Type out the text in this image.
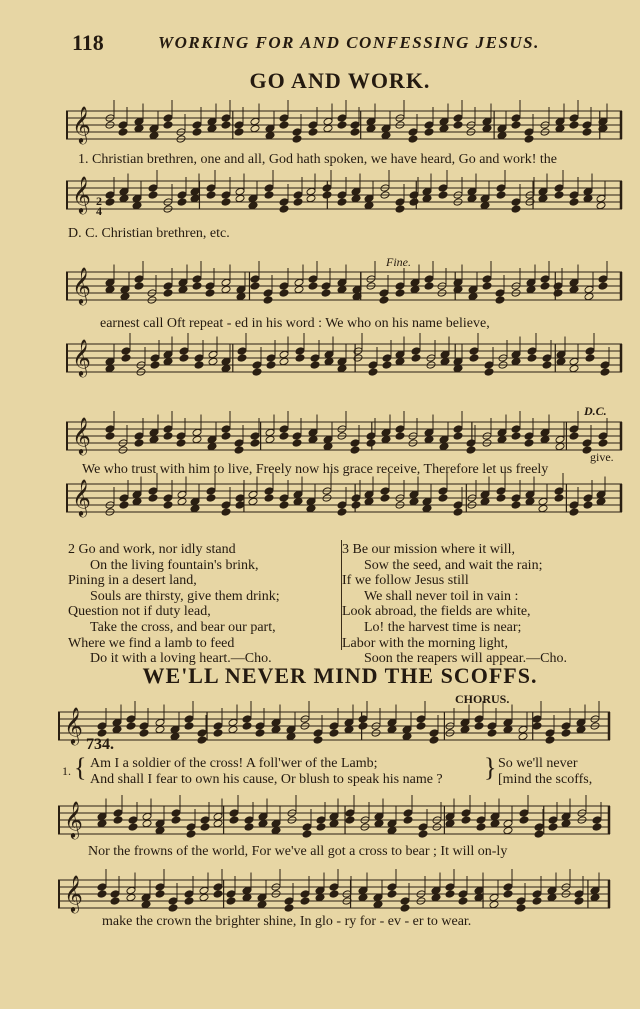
118	WORKING FOR AND CONFESSING JESUS.
GO AND WORK.
𝄞
1. Christian brethren, one and all, God hath spoken, we have heard, Go and work! the
𝄞 2
4
D. C. Christian brethren, etc.
Fine.
𝄞
earnest call Oft repeat - ed in his word : We who on his name believe,
𝄞
D.C.
𝄞
give.
We who trust with him to live, Freely now his grace receive, Therefore let us freely
𝄞
2 Go and work, nor idly stand
On the living fountain's brink,
Pining in a desert land,
Souls are thirsty, give them drink;
Question not if duty lead,
Take the cross, and bear our part,
Where we find a lamb to feed
Do it with a loving heart.—Cho.
3 Be our mission where it will,
Sow the seed, and wait the rain;
If we follow Jesus still
We shall never toil in vain :
Look abroad, the fields are white,
Lo! the harvest time is near;
Labor with the morning light,
Soon the reapers will appear.—Cho.
WE'LL NEVER MIND THE SCOFFS.
CHORUS.
𝄞
734.
1. { Am I a soldier of the cross! A foll'wer of the Lamb;
And shall I fear to own his cause, Or blush to speak his name ? } So we'll never
[mind the scoffs,
𝄞
Nor the frowns of the world, For we've all got a cross to bear ; It will on-ly
𝄞
make the crown the brighter shine, In glo - ry for - ev - er to wear.
